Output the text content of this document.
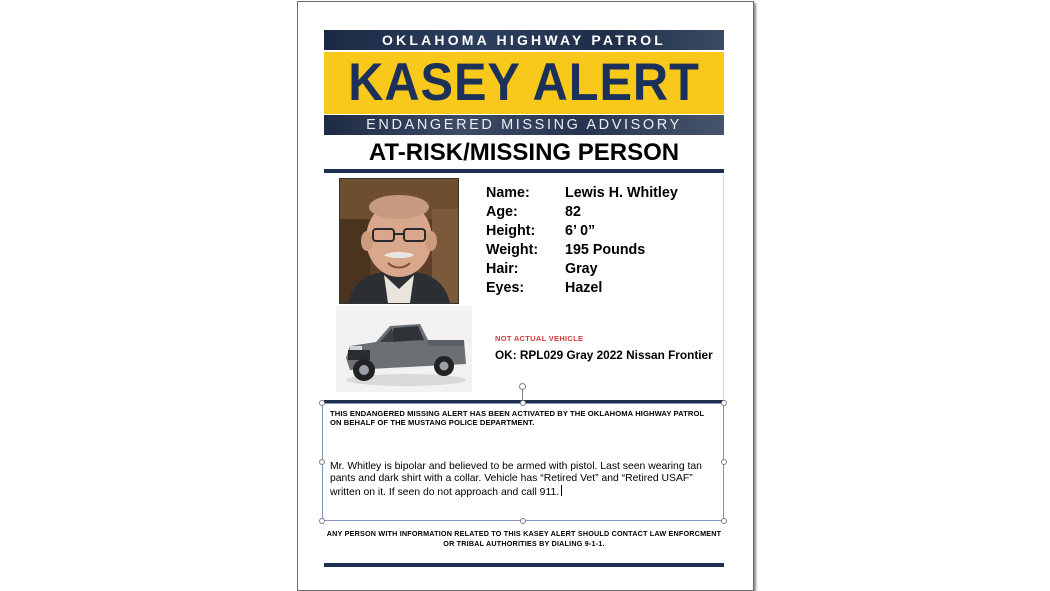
OKLAHOMA HIGHWAY PATROL
KASEY ALERT
ENDANGERED MISSING ADVISORY
AT-RISK/MISSING PERSON
Name: Lewis H. Whitley
Age:	82
Height: 6’ 0”
Weight: 195 Pounds
Hair:	Gray
Eyes:	Hazel
NOT ACTUAL VEHICLE
OK: RPL029 Gray 2022 Nissan Frontier
THIS ENDANGERED MISSING ALERT HAS BEEN ACTIVATED BY THE OKLAHOMA HIGHWAY PATROL ON BEHALF OF THE MUSTANG POLICE DEPARTMENT.
Mr. Whitley is bipolar and believed to be armed with pistol. Last seen wearing tan pants and dark shirt with a collar. Vehicle has “Retired Vet” and “Retired USAF” written on it. If seen do not approach and call 911.
ANY PERSON WITH INFORMATION RELATED TO THIS KASEY ALERT SHOULD CONTACT LAW ENFORCMENT OR TRIBAL AUTHORITIES BY DIALING 9-1-1.
